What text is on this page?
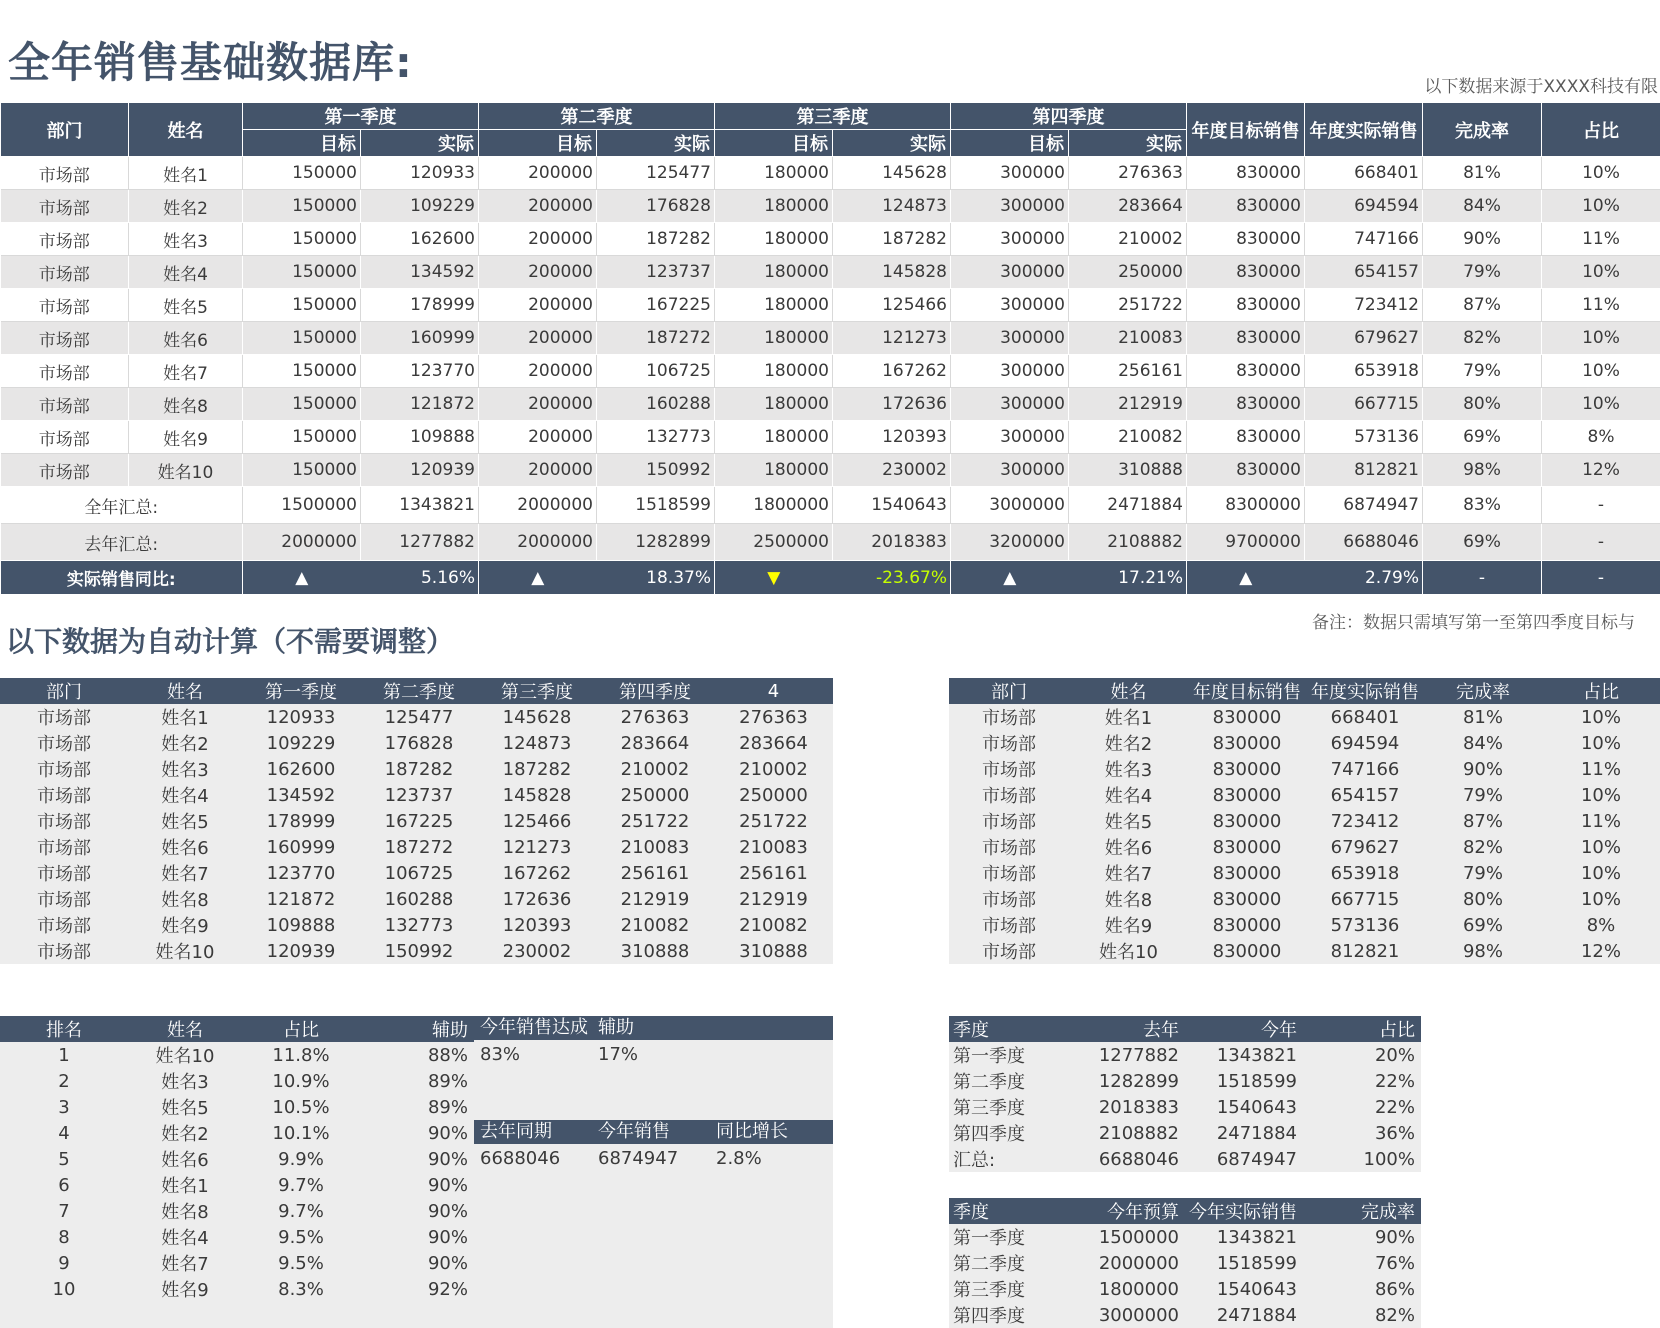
全年销售基础数据库:	以下数据来源于XXXX科技有限
部门	姓名	第一季度		第二季度		第三季度		第四季度		年度目标销售	年度实际销售	完成率	占比
		目标	实际	目标	实际	目标	实际	目标	实际				
市场部	姓名1	150000	120933	200000	125477	180000	145628	300000	276363	830000	668401	81%	10%
市场部	姓名2	150000	109229	200000	176828	180000	124873	300000	283664	830000	694594	84%	10%
市场部	姓名3	150000	162600	200000	187282	180000	187282	300000	210002	830000	747166	90%	11%
市场部	姓名4	150000	134592	200000	123737	180000	145828	300000	250000	830000	654157	79%	10%
市场部	姓名5	150000	178999	200000	167225	180000	125466	300000	251722	830000	723412	87%	11%
市场部	姓名6	150000	160999	200000	187272	180000	121273	300000	210083	830000	679627	82%	10%
市场部	姓名7	150000	123770	200000	106725	180000	167262	300000	256161	830000	653918	79%	10%
市场部	姓名8	150000	121872	200000	160288	180000	172636	300000	212919	830000	667715	80%	10%
市场部	姓名9	150000	109888	200000	132773	180000	120393	300000	210082	830000	573136	69%	8%
市场部	姓名10	150000	120939	200000	150992	180000	230002	300000	310888	830000	812821	98%	12%
全年汇总:		1500000	1343821	2000000	1518599	1800000	1540643	3000000	2471884	8300000	6874947	83%	-
去年汇总:		2000000	1277882	2000000	1282899	2500000	2018383	3200000	2108882	9700000	6688046	69%	-
实际销售同比:		▲	5.16%	▲	18.37%	▼	-23.67%	▲	17.21%	▲	2.79%	-	-
以下数据为自动计算（不需要调整）
备注：数据只需填写第一至第四季度目标与
部门	姓名	第一季度	第二季度	第三季度	第四季度	4
市场部	姓名1	120933	125477	145628	276363	276363
市场部	姓名2	109229	176828	124873	283664	283664
市场部	姓名3	162600	187282	187282	210002	210002
市场部	姓名4	134592	123737	145828	250000	250000
市场部	姓名5	178999	167225	125466	251722	251722
市场部	姓名6	160999	187272	121273	210083	210083
市场部	姓名7	123770	106725	167262	256161	256161
市场部	姓名8	121872	160288	172636	212919	212919
市场部	姓名9	109888	132773	120393	210082	210082
市场部	姓名10	120939	150992	230002	310888	310888
部门	姓名	年度目标销售	年度实际销售	完成率	占比
市场部	姓名1	830000	668401	81%	10%
市场部	姓名2	830000	694594	84%	10%
市场部	姓名3	830000	747166	90%	11%
市场部	姓名4	830000	654157	79%	10%
市场部	姓名5	830000	723412	87%	11%
市场部	姓名6	830000	679627	82%	10%
市场部	姓名7	830000	653918	79%	10%
市场部	姓名8	830000	667715	80%	10%
市场部	姓名9	830000	573136	69%	8%
市场部	姓名10	830000	812821	98%	12%
排名	姓名	占比	辅助
1	姓名10	11.8%	88%
2	姓名3	10.9%	89%
3	姓名5	10.5%	89%
4	姓名2	10.1%	90%
5	姓名6	9.9%	90%
6	姓名1	9.7%	90%
7	姓名8	9.7%	90%
8	姓名4	9.5%	90%
9	姓名7	9.5%	90%
10	姓名9	8.3%	92%
今年销售达成 辅助
83%	17%
去年同期	今年销售	同比增长
6688046 6874947 2.8%
季度	去年	今年	占比
第一季度	1277882	1343821	20%
第二季度	1282899	1518599	22%
第三季度	2018383	1540643	22%
第四季度	2108882	2471884	36%
汇总:	6688046	6874947	100%
季度	今年预算	今年实际销售	完成率
第一季度	1500000	1343821	90%
第二季度	2000000	1518599	76%
第三季度	1800000	1540643	86%
第四季度	3000000	2471884	82%
